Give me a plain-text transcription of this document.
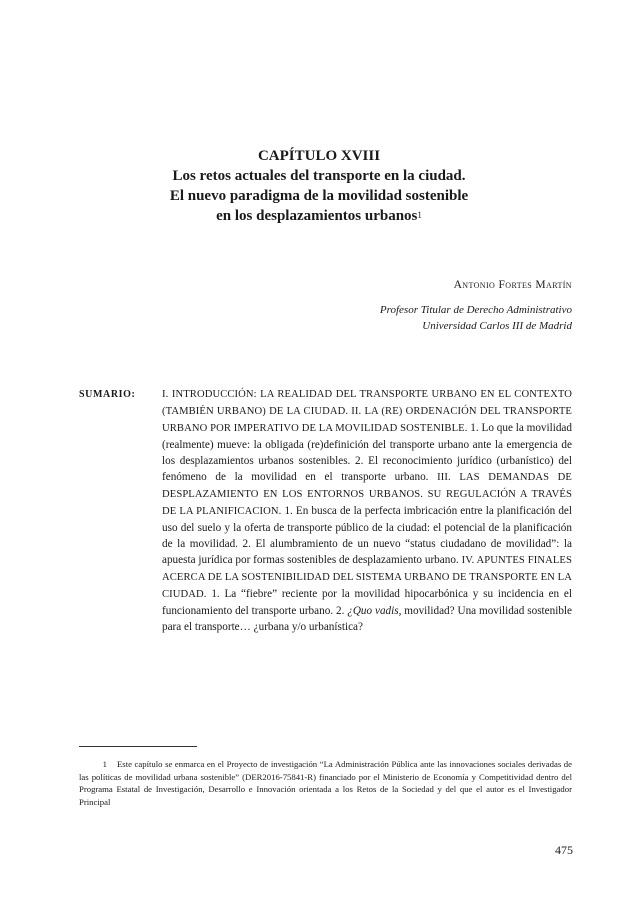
CAPÍTULO XVIII
Los retos actuales del transporte en la ciudad.
El nuevo paradigma de la movilidad sostenible
en los desplazamientos urbanos$^1$
Antonio Fortes Martín
Profesor Titular de Derecho Administrativo
Universidad Carlos III de Madrid
SUMARIO:	I. INTRODUCCIÓN: LA REALIDAD DEL TRANSPORTE URBANO EN EL CONTEXTO (TAMBIÉN URBANO) DE LA CIUDAD. II. LA (RE) ORDENACIÓN DEL TRANSPORTE URBANO POR IMPERATIVO DE LA MOVILIDAD SOSTENIBLE. 1. Lo que la movilidad (realmente) mueve: la obligada (re)definición del transporte urbano ante la emergencia de los desplazamientos urbanos sostenibles. 2. El reconocimiento jurídico (urbanístico) del fenómeno de la movilidad en el transporte urbano. III. LAS DEMANDAS DE DESPLAZAMIENTO EN LOS ENTORNOS URBANOS. SU REGULACIÓN A TRAVÉS DE LA PLANIFICACION. 1. En busca de la perfecta imbricación entre la planificación del uso del suelo y la oferta de transporte público de la ciudad: el potencial de la planificación de la movilidad. 2. El alumbramiento de un nuevo “status ciudadano de movilidad”: la apuesta jurídica por formas sostenibles de desplazamiento urbano. IV. APUNTES FINALES ACERCA DE LA SOSTENIBILIDAD DEL SISTEMA URBANO DE TRANSPORTE EN LA CIUDAD. 1. La “fiebre” reciente por la movilidad hipocarbónica y su incidencia en el funcionamiento del transporte urbano. 2. ¿Quo vadis, movilidad? Una movilidad sostenible para el transporte… ¿urbana y/o urbanística?
1 Este capítulo se enmarca en el Proyecto de investigación “La Administración Pública ante las innovaciones sociales derivadas de las políticas de movilidad urbana sostenible” (DER2016-75841-R) financiado por el Ministerio de Economía y Competitividad dentro del Programa Estatal de Investigación, Desarrollo e Innovación orientada a los Retos de la Sociedad y del que el autor es el Investigador Principal
475
